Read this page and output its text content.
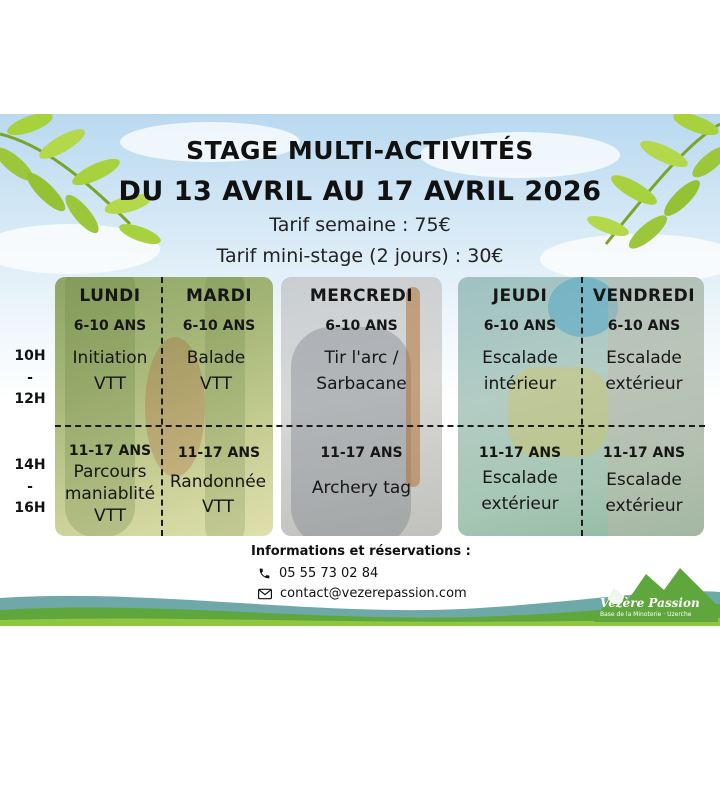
STAGE MULTI-ACTIVITÉS
DU 13 AVRIL AU 17 AVRIL 2026
Tarif semaine : 75€
Tarif mini-stage (2 jours) : 30€
10H
-
12H
14H
-
16H
LUNDI
6-10 ANS
Initiation
VTT
11-17 ANS
Parcours
maniablité
VTT
MARDI
6-10 ANS
Balade
VTT
11-17 ANS
Randonnée
VTT
MERCREDI
6-10 ANS
Tir l'arc /
Sarbacane
11-17 ANS
Archery tag
JEUDI
6-10 ANS
Escalade
intérieur
11-17 ANS
Escalade
extérieur
VENDREDI
6-10 ANS
Escalade
extérieur
11-17 ANS
Escalade
extérieur
Vézère Passion
Base de la Minoterie · Uzerche
Informations et réservations :
05 55 73 02 84
contact@vezerepassion.com
